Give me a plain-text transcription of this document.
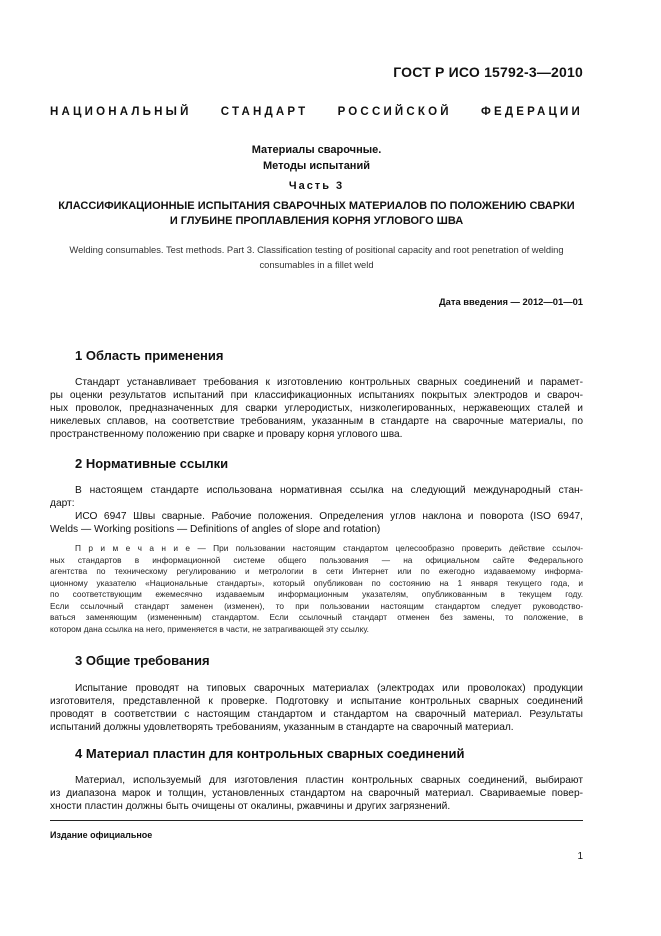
ГОСТ Р ИСО 15792-3—2010
НАЦИОНАЛЬНЫЙ СТАНДАРТ РОССИЙСКОЙ ФЕДЕРАЦИИ
Материалы сварочные.
Методы испытаний
Часть 3
КЛАССИФИКАЦИОННЫЕ ИСПЫТАНИЯ СВАРОЧНЫХ МАТЕРИАЛОВ ПО ПОЛОЖЕНИЮ СВАРКИ
И ГЛУБИНЕ ПРОПЛАВЛЕНИЯ КОРНЯ УГЛОВОГО ШВА
Welding consumables. Test methods. Part 3. Classification testing of positional capacity and root penetration of welding
consumables in a fillet weld
Дата введения — 2012—01—01
1 Область применения
Стандарт устанавливает требования к изготовлению контрольных сварных соединений и парамет-
ры оценки результатов испытаний при классификационных испытаниях покрытых электродов и свароч-
ных проволок, предназначенных для сварки углеродистых, низколегированных, нержавеющих сталей и
никелевых сплавов, на соответствие требованиям, указанным в стандарте на сварочные материалы, по
пространственному положению при сварке и провару корня углового шва.
2 Нормативные ссылки
В настоящем стандарте использована нормативная ссылка на следующий международный стан-
дарт:
ИСО 6947 Швы сварные. Рабочие положения. Определения углов наклона и поворота (ISO 6947,
Welds — Working positions — Definitions of angles of slope and rotation)
П р и м е ч а н и е — При пользовании настоящим стандартом целесообразно проверить действие ссылоч-
ных стандартов в информационной системе общего пользования — на официальном сайте Федерального
агентства по техническому регулированию и метрологии в сети Интернет или по ежегодно издаваемому информа-
ционному указателю «Национальные стандарты», который опубликован по состоянию на 1 января текущего года, и
по соответствующим ежемесячно издаваемым информационным указателям, опубликованным в текущем году.
Если ссылочный стандарт заменен (изменен), то при пользовании настоящим стандартом следует руководство-
ваться заменяющим (измененным) стандартом. Если ссылочный стандарт отменен без замены, то положение, в
котором дана ссылка на него, применяется в части, не затрагивающей эту ссылку.
3 Общие требования
Испытание проводят на типовых сварочных материалах (электродах или проволоках) продукции
изготовителя, представленной к проверке. Подготовку и испытание контрольных сварных соединений
проводят в соответствии с настоящим стандартом и стандартом на сварочный материал. Результаты
испытаний должны удовлетворять требованиям, указанным в стандарте на сварочный материал.
4 Материал пластин для контрольных сварных соединений
Материал, используемый для изготовления пластин контрольных сварных соединений, выбирают
из диапазона марок и толщин, установленных стандартом на сварочный материал. Свариваемые повер-
хности пластин должны быть очищены от окалины, ржавчины и других загрязнений.
Издание официальное
1
